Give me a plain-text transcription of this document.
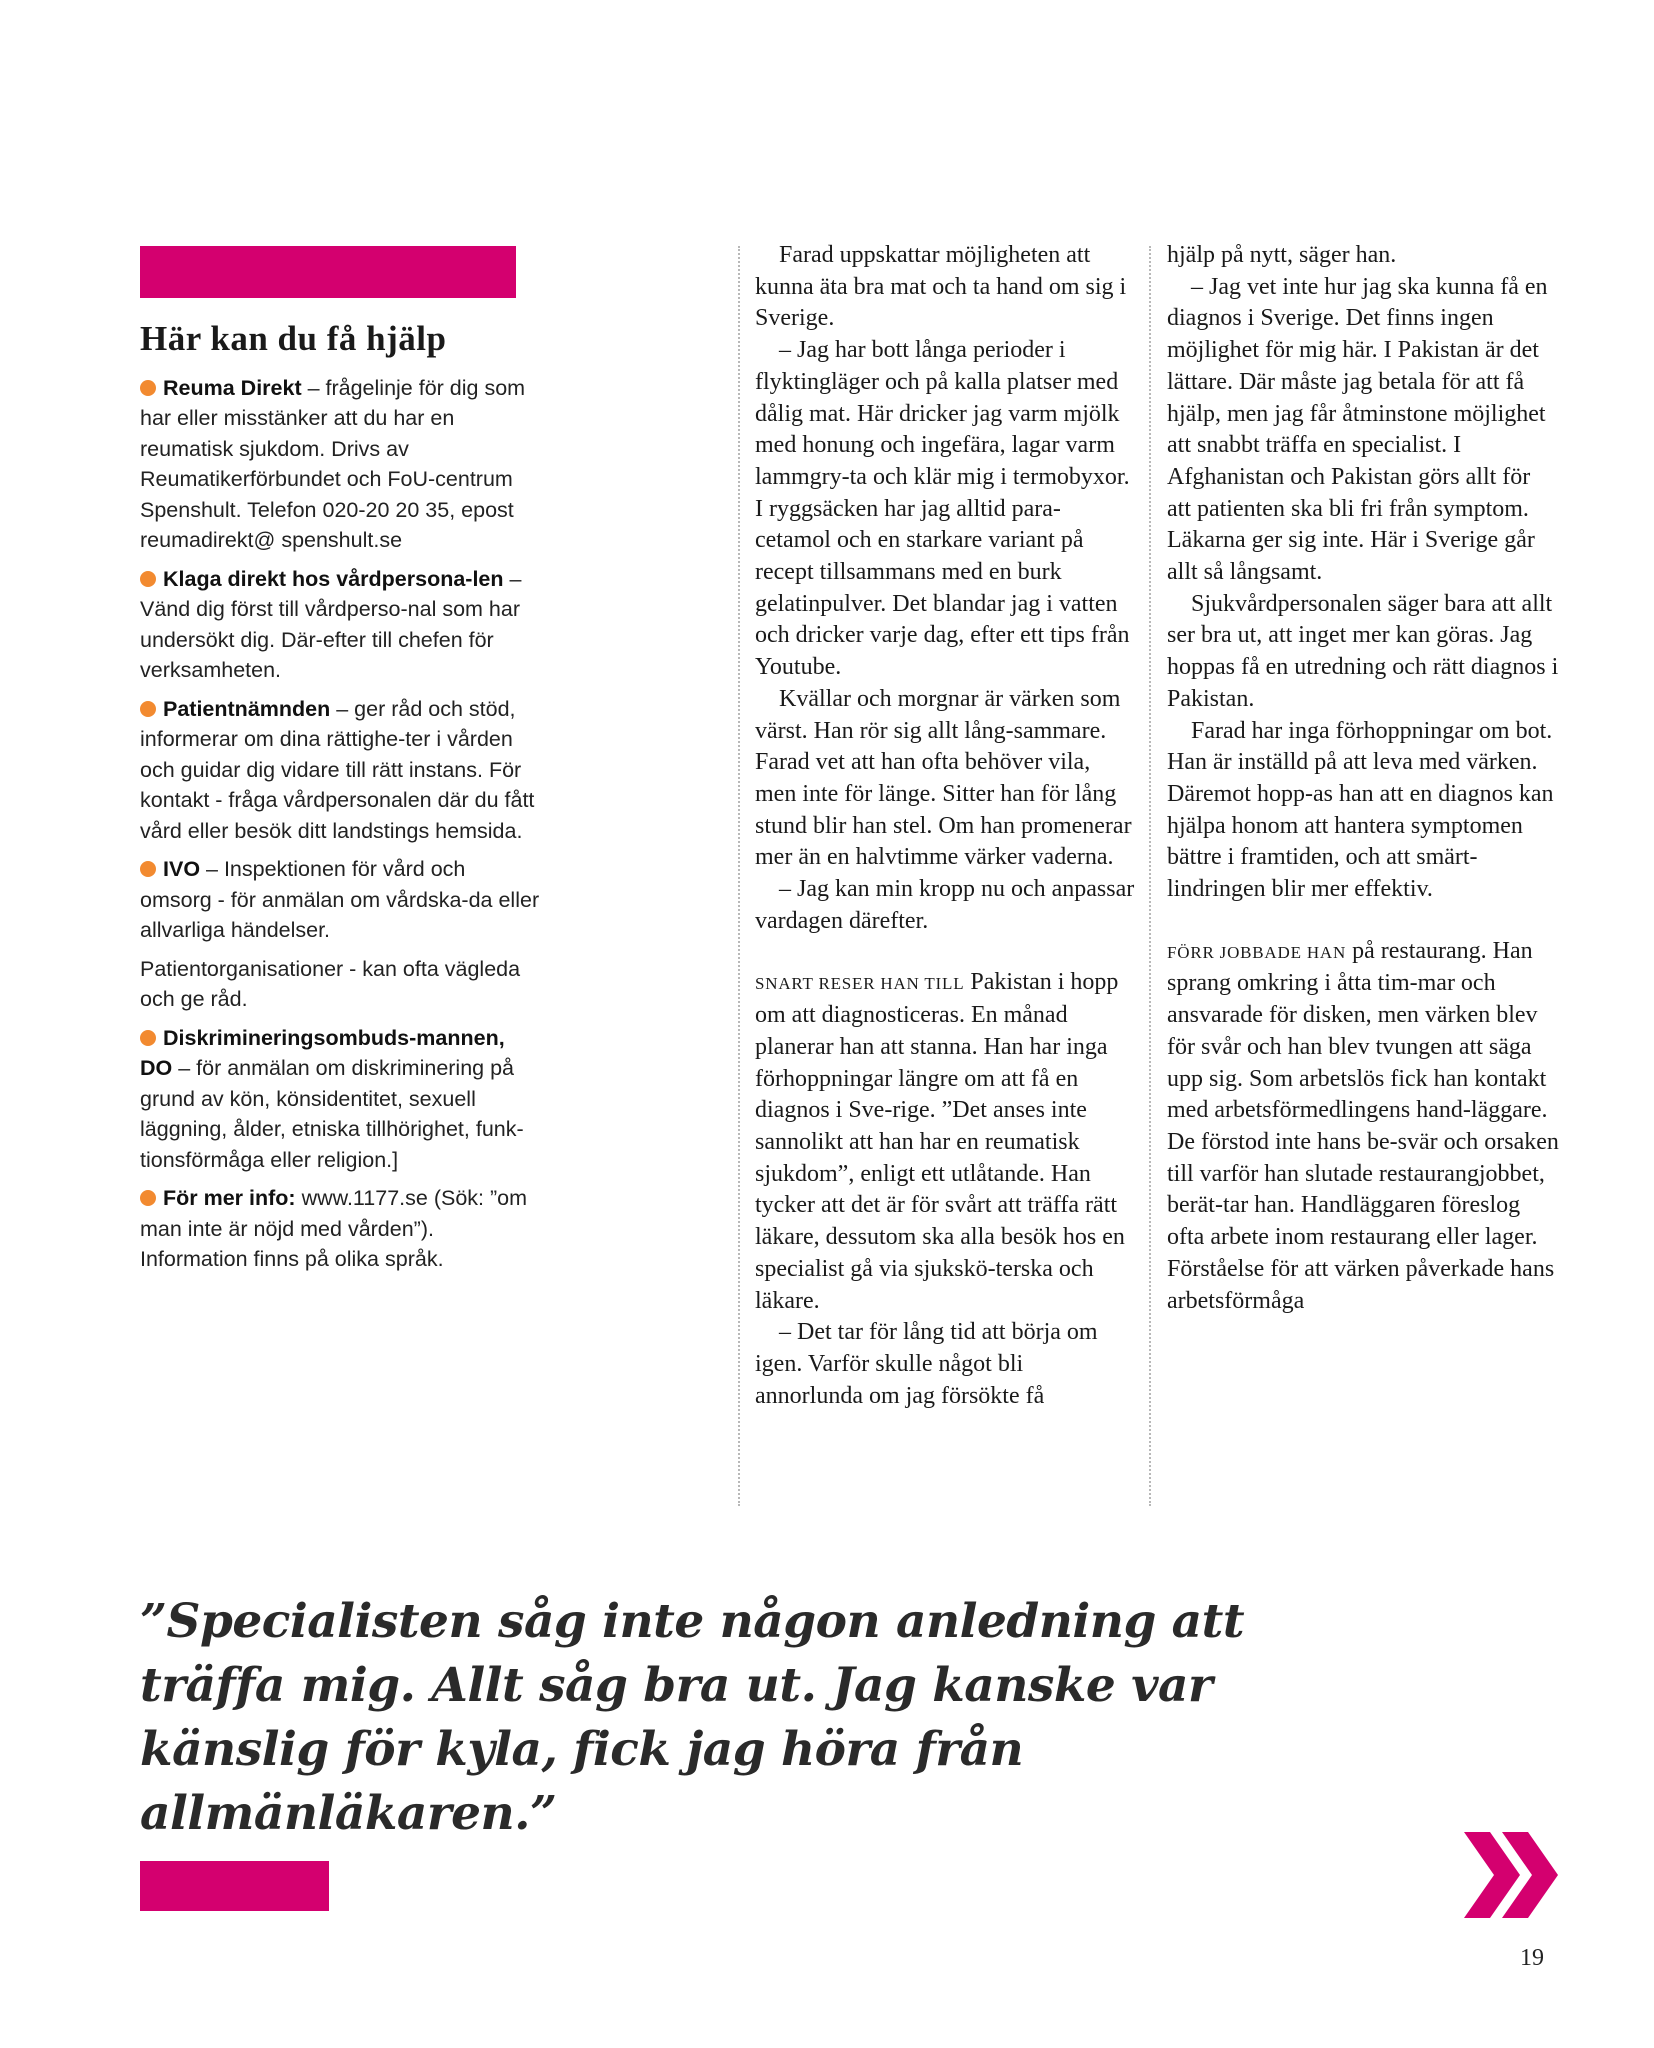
Här kan du få hjälp

Reuma Direkt – frågelinje för dig som har eller misstänker att du har en reumatisk sjukdom. Drivs av Reumatikerförbundet och FoU-centrum Spenshult. Telefon 020-20 20 35, epost reumadirekt@ spenshult.se

Klaga direkt hos vårdpersona-len – Vänd dig först till vårdperso-nal som har undersökt dig. Där-efter till chefen för verksamheten.

Patientnämnden – ger råd och stöd, informerar om dina rättighe-ter i vården och guidar dig vidare till rätt instans. För kontakt - fråga vårdpersonalen där du fått vård eller besök ditt landstings hemsida.

IVO – Inspektionen för vård och omsorg - för anmälan om vårdska-da eller allvarliga händelser.

Patientorganisationer - kan ofta vägleda och ge råd.

Diskrimineringsombuds-mannen, DO – för anmälan om diskriminering på grund av kön, könsidentitet, sexuell läggning, ålder, etniska tillhörighet, funk-tionsförmåga eller religion.]

För mer info: www.1177.se (Sök: ”om man inte är nöjd med vården”). Information finns på olika språk.

Farad uppskattar möjligheten att kunna äta bra mat och ta hand om sig i Sverige.

– Jag har bott långa perioder i flyktingläger och på kalla platser med dålig mat. Här dricker jag varm mjölk med honung och ingefära, lagar varm lammgry-ta och klär mig i termobyxor. I ryggsäcken har jag alltid para-cetamol och en starkare variant på recept tillsammans med en burk gelatinpulver. Det blandar jag i vatten och dricker varje dag, efter ett tips från Youtube.

Kvällar och morgnar är värken som värst. Han rör sig allt lång-sammare. Farad vet att han ofta behöver vila, men inte för länge. Sitter han för lång stund blir han stel. Om han promenerar mer än en halvtimme värker vaderna.

– Jag kan min kropp nu och anpassar vardagen därefter.

SNART RESER HAN TILL Pakistan i hopp om att diagnosticeras. En månad planerar han att stanna. Han har inga förhoppningar längre om att få en diagnos i Sve-rige. ”Det anses inte sannolikt att han har en reumatisk sjukdom”, enligt ett utlåtande. Han tycker att det är för svårt att träffa rätt läkare, dessutom ska alla besök hos en specialist gå via sjukskö-terska och läkare.

– Det tar för lång tid att börja om igen. Varför skulle något bli annorlunda om jag försökte få

hjälp på nytt, säger han.

– Jag vet inte hur jag ska kunna få en diagnos i Sverige. Det finns ingen möjlighet för mig här. I Pakistan är det lättare. Där måste jag betala för att få hjälp, men jag får åtminstone möjlighet att snabbt träffa en specialist. I Afghanistan och Pakistan görs allt för att patienten ska bli fri från symptom. Läkarna ger sig inte. Här i Sverige går allt så långsamt.

Sjukvårdpersonalen säger bara att allt ser bra ut, att inget mer kan göras. Jag hoppas få en utredning och rätt diagnos i Pakistan.

Farad har inga förhoppningar om bot. Han är inställd på att leva med värken. Däremot hopp-as han att en diagnos kan hjälpa honom att hantera symptomen bättre i framtiden, och att smärt-lindringen blir mer effektiv.

FÖRR JOBBADE HAN på restaurang. Han sprang omkring i åtta tim-mar och ansvarade för disken, men värken blev för svår och han blev tvungen att säga upp sig. Som arbetslös fick han kontakt med arbetsförmedlingens hand-läggare. De förstod inte hans be-svär och orsaken till varför han slutade restaurangjobbet, berät-tar han. Handläggaren föreslog ofta arbete inom restaurang eller lager. Förståelse för att värken påverkade hans arbetsförmåga

”Specialisten såg inte någon anledning att träffa mig. Allt såg bra ut. Jag kanske var känslig för kyla, fick jag höra från allmänläkaren.”

19
